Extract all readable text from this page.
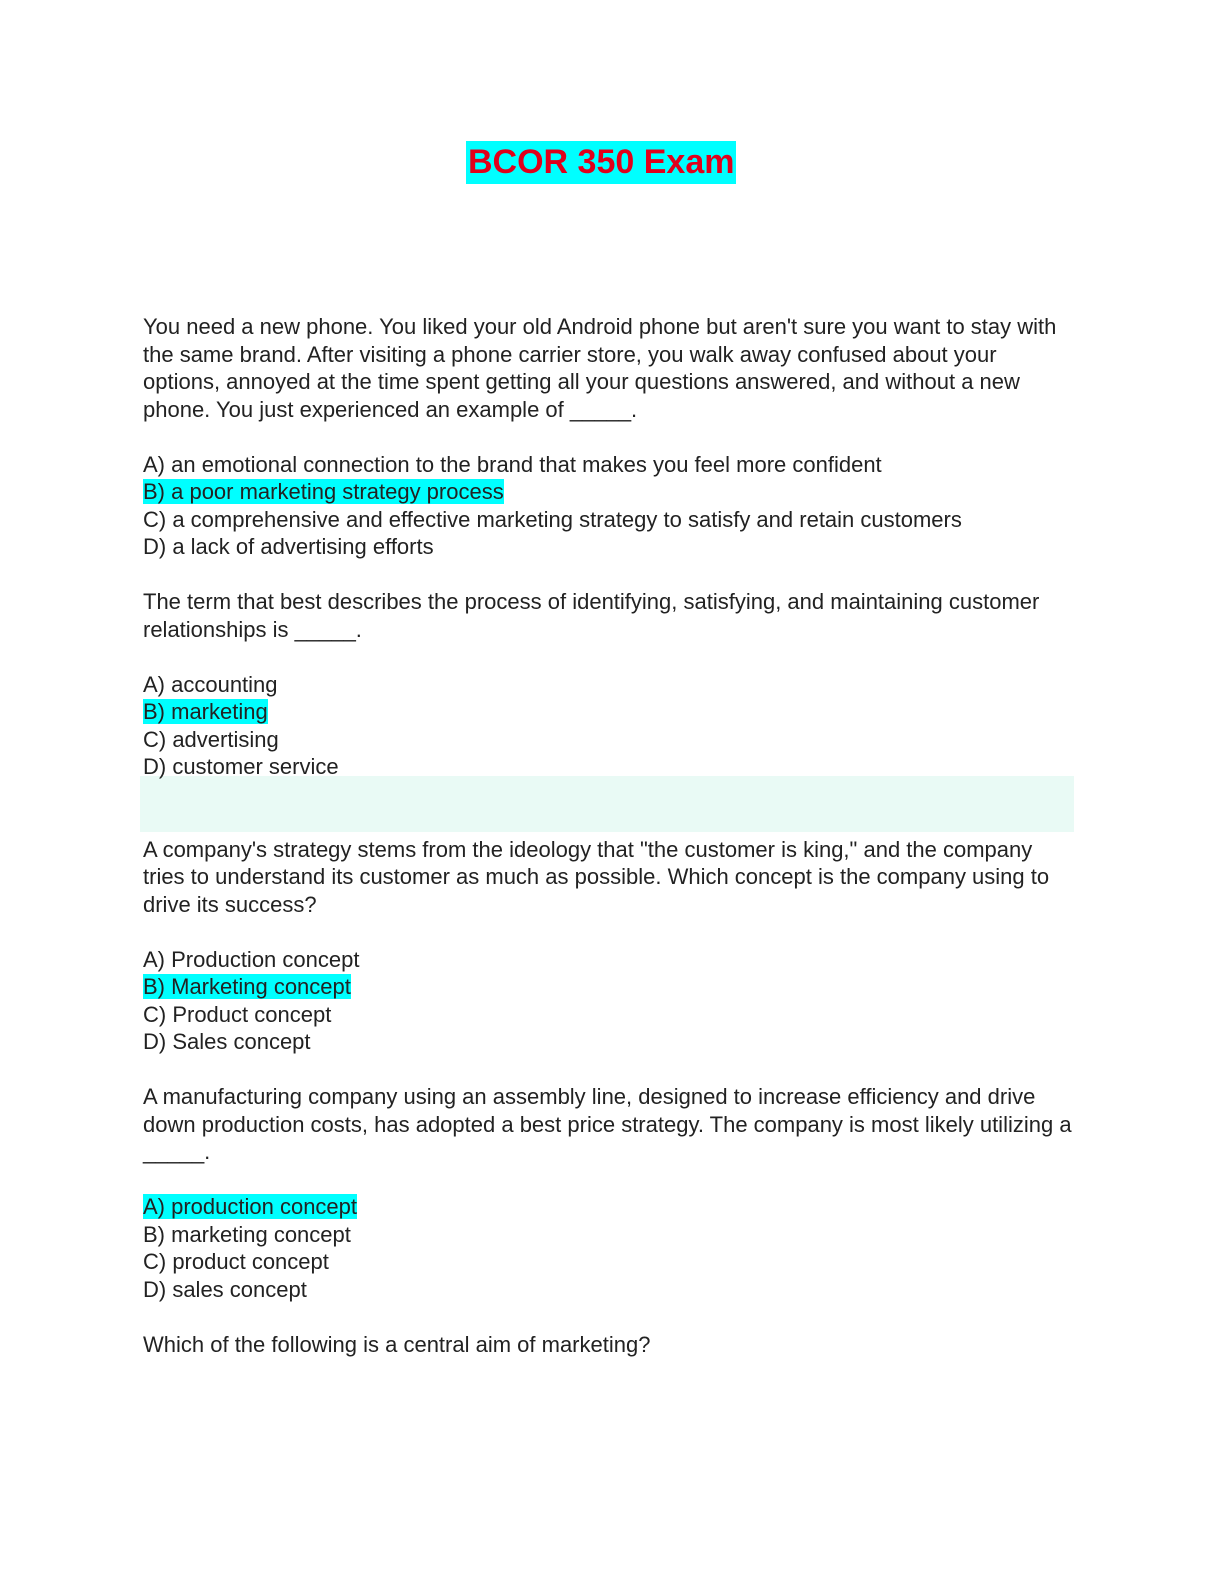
BCOR 350 Exam
You need a new phone. You liked your old Android phone but aren't sure you want to stay with the same brand. After visiting a phone carrier store, you walk away confused about your options, annoyed at the time spent getting all your questions answered, and without a new phone. You just experienced an example of _____.
A) an emotional connection to the brand that makes you feel more confident
B) a poor marketing strategy process
C) a comprehensive and effective marketing strategy to satisfy and retain customers
D) a lack of advertising efforts
The term that best describes the process of identifying, satisfying, and maintaining customer relationships is _____.
A) accounting
B) marketing
C) advertising
D) customer service
A company's strategy stems from the ideology that "the customer is king," and the company tries to understand its customer as much as possible. Which concept is the company using to drive its success?
A) Production concept
B) Marketing concept
C) Product concept
D) Sales concept
A manufacturing company using an assembly line, designed to increase efficiency and drive down production costs, has adopted a best price strategy. The company is most likely utilizing a _____.
A) production concept
B) marketing concept
C) product concept
D) sales concept
Which of the following is a central aim of marketing?
